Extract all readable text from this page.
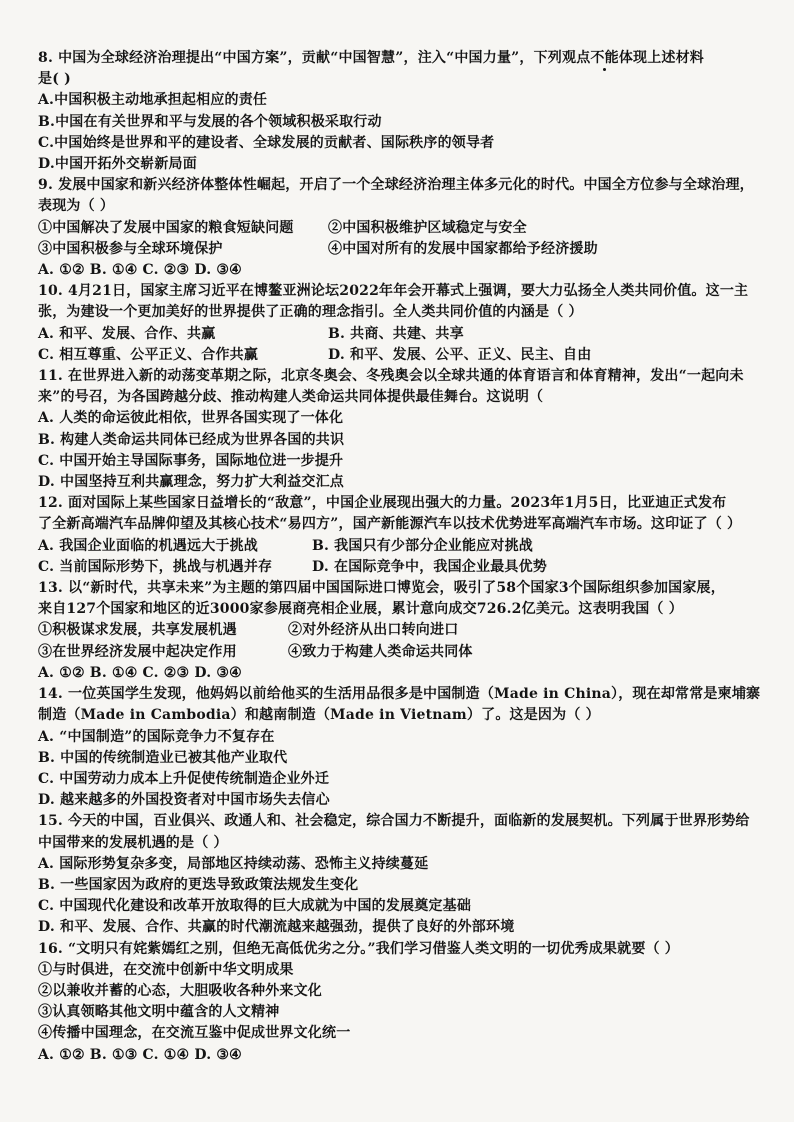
8. 中国为全球经济治理提出“中国方案”，贡献“中国智慧”，注入“中国力量”，下列观点不能体现上述材料
是( )
A.中国积极主动地承担起相应的责任
B.中国在有关世界和平与发展的各个领域积极采取行动
C.中国始终是世界和平的建设者、全球发展的贡献者、国际秩序的领导者
D.中国开拓外交崭新局面
9. 发展中国家和新兴经济体整体性崛起，开启了一个全球经济治理主体多元化的时代。中国全方位参与全球治理，
表现为（ ）
①中国解决了发展中国家的粮食短缺问题	②中国积极维护区域稳定与安全
③中国积极参与全球环境保护	④中国对所有的发展中国家都给予经济援助
A. ①② B. ①④ C. ②③ D. ③④
10. 4月21日，国家主席习近平在博鳌亚洲论坛2022年年会开幕式上强调，要大力弘扬全人类共同价值。这一主
张，为建设一个更加美好的世界提供了正确的理念指引。全人类共同价值的内涵是（ ）
A. 和平、发展、合作、共赢	B. 共商、共建、共享
C. 相互尊重、公平正义、合作共赢	D. 和平、发展、公平、正义、民主、自由
11. 在世界进入新的动荡变革期之际，北京冬奥会、冬残奥会以全球共通的体育语言和体育精神，发出“一起向未
来”的号召，为各国跨越分歧、推动构建人类命运共同体提供最佳舞台。这说明（
A. 人类的命运彼此相依，世界各国实现了一体化
B. 构建人类命运共同体已经成为世界各国的共识
C. 中国开始主导国际事务，国际地位进一步提升
D. 中国坚持互利共赢理念，努力扩大利益交汇点
12. 面对国际上某些国家日益增长的“敌意”，中国企业展现出强大的力量。2023年1月5日，比亚迪正式发布
了全新高端汽车品牌仰望及其核心技术“易四方”，国产新能源汽车以技术优势进军高端汽车市场。这印证了（ ）
A. 我国企业面临的机遇远大于挑战	B. 我国只有少部分企业能应对挑战
C. 当前国际形势下，挑战与机遇并存	D. 在国际竞争中，我国企业最具优势
13. 以“新时代，共享未来”为主题的第四届中国国际进口博览会，吸引了58个国家3个国际组织参加国家展，
来自127个国家和地区的近3000家参展商亮相企业展，累计意向成交726.2亿美元。这表明我国（ ）
①积极谋求发展，共享发展机遇	②对外经济从出口转向进口
③在世界经济发展中起决定作用	④致力于构建人类命运共同体
A. ①② B. ①④ C. ②③ D. ③④
14. 一位英国学生发现，他妈妈以前给他买的生活用品很多是中国制造（Made in China），现在却常常是柬埔寨
制造（Made in Cambodia）和越南制造（Made in Vietnam）了。这是因为（ ）
A. “中国制造”的国际竞争力不复存在
B. 中国的传统制造业已被其他产业取代
C. 中国劳动力成本上升促使传统制造企业外迁
D. 越来越多的外国投资者对中国市场失去信心
15. 今天的中国，百业俱兴、政通人和、社会稳定，综合国力不断提升，面临新的发展契机。下列属于世界形势给
中国带来的发展机遇的是（ ）
A. 国际形势复杂多变，局部地区持续动荡、恐怖主义持续蔓延
B. 一些国家因为政府的更迭导致政策法规发生变化
C. 中国现代化建设和改革开放取得的巨大成就为中国的发展奠定基础
D. 和平、发展、合作、共赢的时代潮流越来越强劲，提供了良好的外部环境
16. “文明只有姹紫嫣红之别，但绝无高低优劣之分。”我们学习借鉴人类文明的一切优秀成果就要（ ）
①与时俱进，在交流中创新中华文明成果
②以兼收并蓄的心态，大胆吸收各种外来文化
③认真领略其他文明中蕴含的人文精神
④传播中国理念，在交流互鉴中促成世界文化统一
A. ①② B. ①③ C. ①④ D. ③④
